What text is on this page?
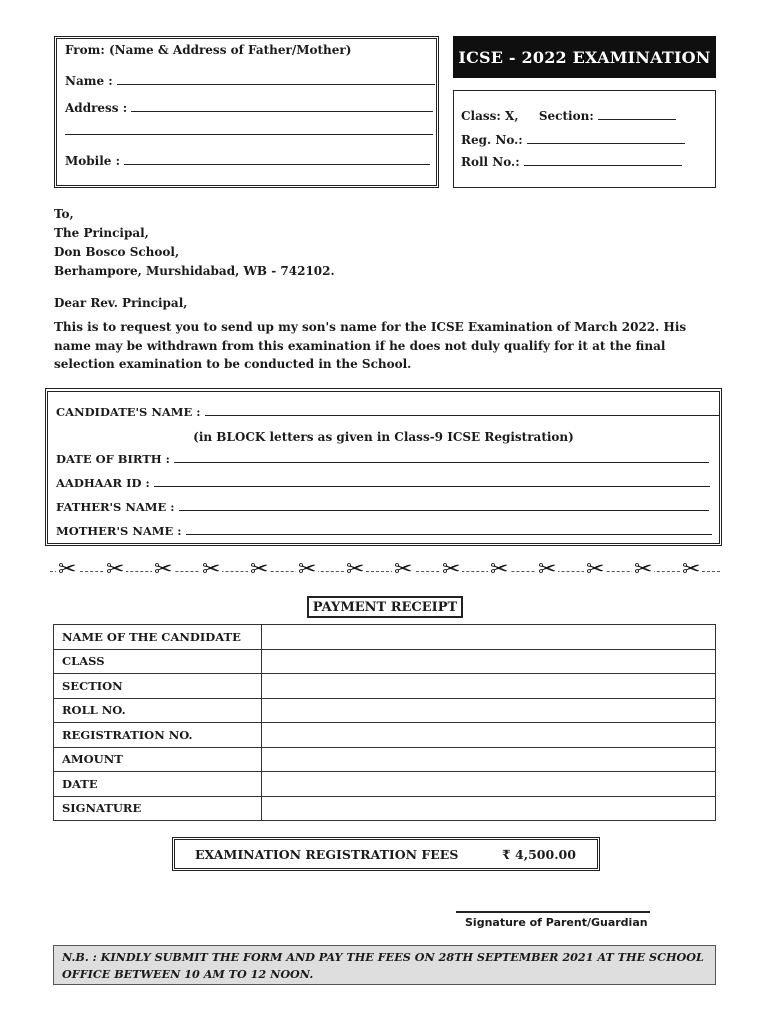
From: (Name & Address of Father/Mother)
Name :
Address :
Mobile :
ICSE - 2022 EXAMINATION
Class: X, Section:
Reg. No.:
Roll No.:
To,
The Principal,
Don Bosco School,
Berhampore, Murshidabad, WB - 742102.
Dear Rev. Principal,
This is to request you to send up my son's name for the ICSE Examination of March 2022. His name may be withdrawn from this examination if he does not duly qualify for it at the final selection examination to be conducted in the School.
CANDIDATE'S NAME :
(in BLOCK letters as given in Class-9 ICSE Registration)
DATE OF BIRTH :
AADHAAR ID :
FATHER'S NAME :
MOTHER'S NAME :
✂ ✂ ✂ ✂ ✂ ✂ ✂ ✂ ✂ ✂ ✂ ✂ ✂ ✂
PAYMENT RECEIPT
NAME OF THE CANDIDATE	
CLASS	
SECTION	
ROLL NO.	
REGISTRATION NO.	
AMOUNT	
DATE	
SIGNATURE	
EXAMINATION REGISTRATION FEES	₹ 4,500.00
Signature of Parent/Guardian
N.B. : KINDLY SUBMIT THE FORM AND PAY THE FEES ON 28TH SEPTEMBER 2021 AT THE SCHOOL OFFICE BETWEEN 10 AM TO 12 NOON.
